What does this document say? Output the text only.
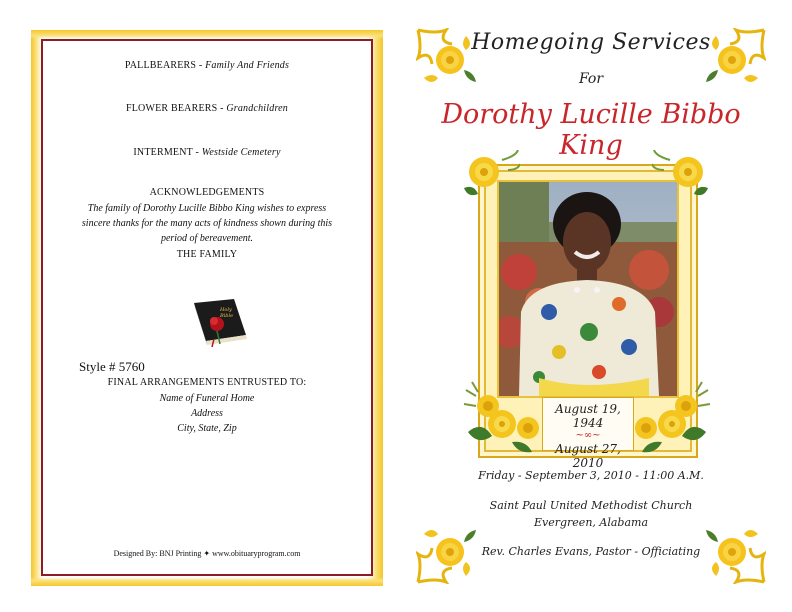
PALLBEARERS - Family And Friends
FLOWER BEARERS - Grandchildren
INTERMENT - Westside Cemetery
ACKNOWLEDGEMENTS
The family of Dorothy Lucille Bibbo King wishes to express
sincere thanks for the many acts of kindness shown during this
period of bereavement.
THE FAMILY
Holy
Bible
Style # 5760
FINAL ARRANGEMENTS ENTRUSTED TO:
Name of Funeral Home
Address
City, State, Zip
Designed By: BNJ Printing ✦ www.obituaryprogram.com
Homegoing Services
For
Dorothy Lucille Bibbo King
August 19, 1944
~∞~
August 27, 2010
Friday - September 3, 2010 - 11:00 A.M.
Saint Paul United Methodist Church
Evergreen, Alabama
Rev. Charles Evans, Pastor - Officiating
